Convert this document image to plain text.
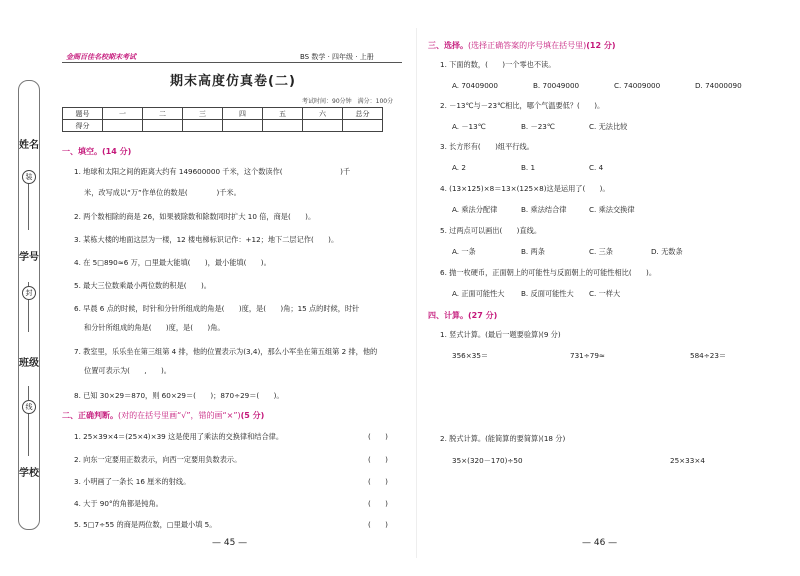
姓名
装
学号
封
班级
线
学校
金阁百佳名校期末考试	BS 数学 · 四年级 · 上册
期末高度仿真卷(二)
考试时间：90分钟　满分：100分
题号	一	二	三	四	五	六	总分
得分							
一、填空。(14 分)
1. 地球和太阳之间的距离大约有 149600000 千米，这个数读作(　　　　　　　　)千
米，改写成以“万”作单位的数是(　　　　)千米。
2. 两个数相除的商是 26，如果被除数和除数同时扩大 10 倍，商是(　　)。
3. 某栋大楼的地面这层为一楼，12 楼电梯标识记作：+12；地下二层记作(　　)。
4. 在 5□890≈6 万，□里最大能填(　　)，最小能填(　　)。
5. 最大三位数乘最小两位数的积是(　　)。
6. 早晨 6 点的时候，时针和分针所组成的角是(　　)度，是(　　)角；15 点的时候，时针
和分针所组成的角是(　　)度，是(　　)角。
7. 教室里，乐乐坐在第三组第 4 排，他的位置表示为(3,4)，那么小军坐在第五组第 2 排，他的
位置可表示为(　　,　　)。
8. 已知 30×29＝870，则 60×29＝(　　)；870÷29＝(　　)。
二、正确判断。(对的在括号里画“√”，错的画“×”)(5 分)
1. 25×39×4＝(25×4)×39 这是使用了乘法的交换律和结合律。	(　　)
2. 向东一定要用正数表示，向西一定要用负数表示。	(　　)
3. 小明画了一条长 16 厘米的射线。	(　　)
4. 大于 90°的角都是钝角。	(　　)
5. 5□7÷55 的商是两位数，□里最小填 5。	(　　)
— 45 —
三、选择。(选择正确答案的序号填在括号里)(12 分)
1. 下面的数，(　　)一个零也不读。
A. 70409000	B. 70049000	C. 74009000	D. 74000090
2. －13℃与－23℃相比，哪个气温要低？(　　)。
A. －13℃	B. －23℃	C. 无法比较
3. 长方形有(　　)组平行线。
A. 2	B. 1	C. 4
4. (13×125)×8＝13×(125×8)这是运用了(　　)。
A. 乘法分配律	B. 乘法结合律	C. 乘法交换律
5. 过两点可以画出(　　)直线。
A. 一条	B. 两条	C. 三条	D. 无数条
6. 抛一枚硬币，正面朝上的可能性与反面朝上的可能性相比(　　)。
A. 正面可能性大	B. 反面可能性大	C. 一样大
四、计算。(27 分)
1. 竖式计算。(最后一题要验算)(9 分)
356×35＝	731÷79≈	584÷23＝
2. 脱式计算。(能简算的要简算)(18 分)
35×(320－170)÷50	25×33×4
— 46 —
